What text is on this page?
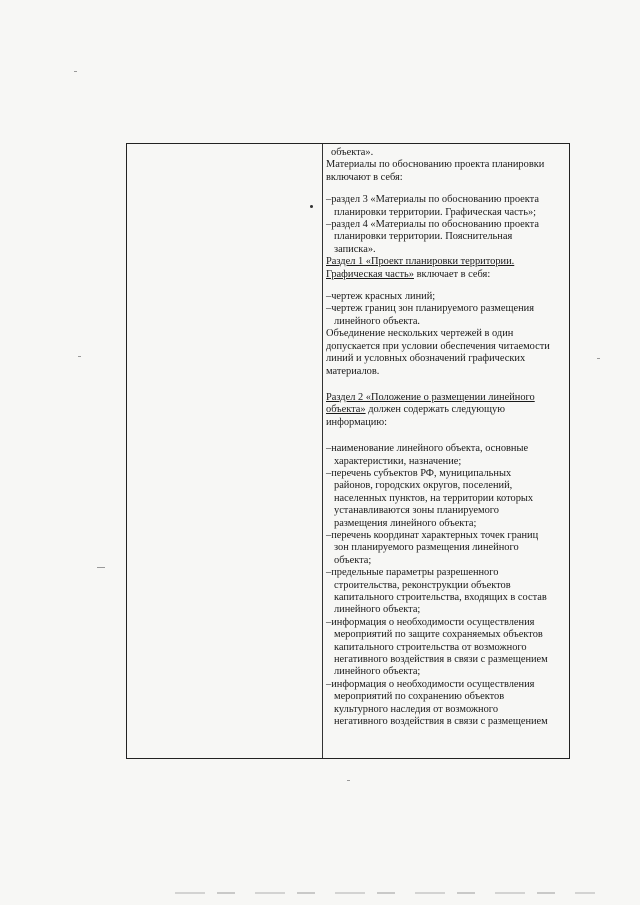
объекта».
Материалы по обоснованию проекта планировки
включают в себя:
–раздел 3 «Материалы по обоснованию проекта
планировки территории. Графическая часть»;
–раздел 4 «Материалы по обоснованию проекта
планировки территории. Пояснительная
записка».
Раздел 1 «Проект планировки территории.
Графическая часть» включает в себя:
–чертеж красных линий;
–чертеж границ зон планируемого размещения
линейного объекта.
Объединение нескольких чертежей в один
допускается при условии обеспечения читаемости
линий и условных обозначений графических
материалов.
Раздел 2 «Положение о размещении линейного
объекта» должен содержать следующую
информацию:
–наименование линейного объекта, основные
характеристики, назначение;
–перечень субъектов РФ, муниципальных
районов, городских округов, поселений,
населенных пунктов, на территории которых
устанавливаются зоны планируемого
размещения линейного объекта;
–перечень координат характерных точек границ
зон планируемого размещения линейного
объекта;
–предельные параметры разрешенного
строительства, реконструкции объектов
капитального строительства, входящих в состав
линейного объекта;
–информация о необходимости осуществления
мероприятий по защите сохраняемых объектов
капитального строительства от возможного
негативного воздействия в связи с размещением
линейного объекта;
–информация о необходимости осуществления
мероприятий по сохранению объектов
культурного наследия от возможного
негативного воздействия в связи с размещением
